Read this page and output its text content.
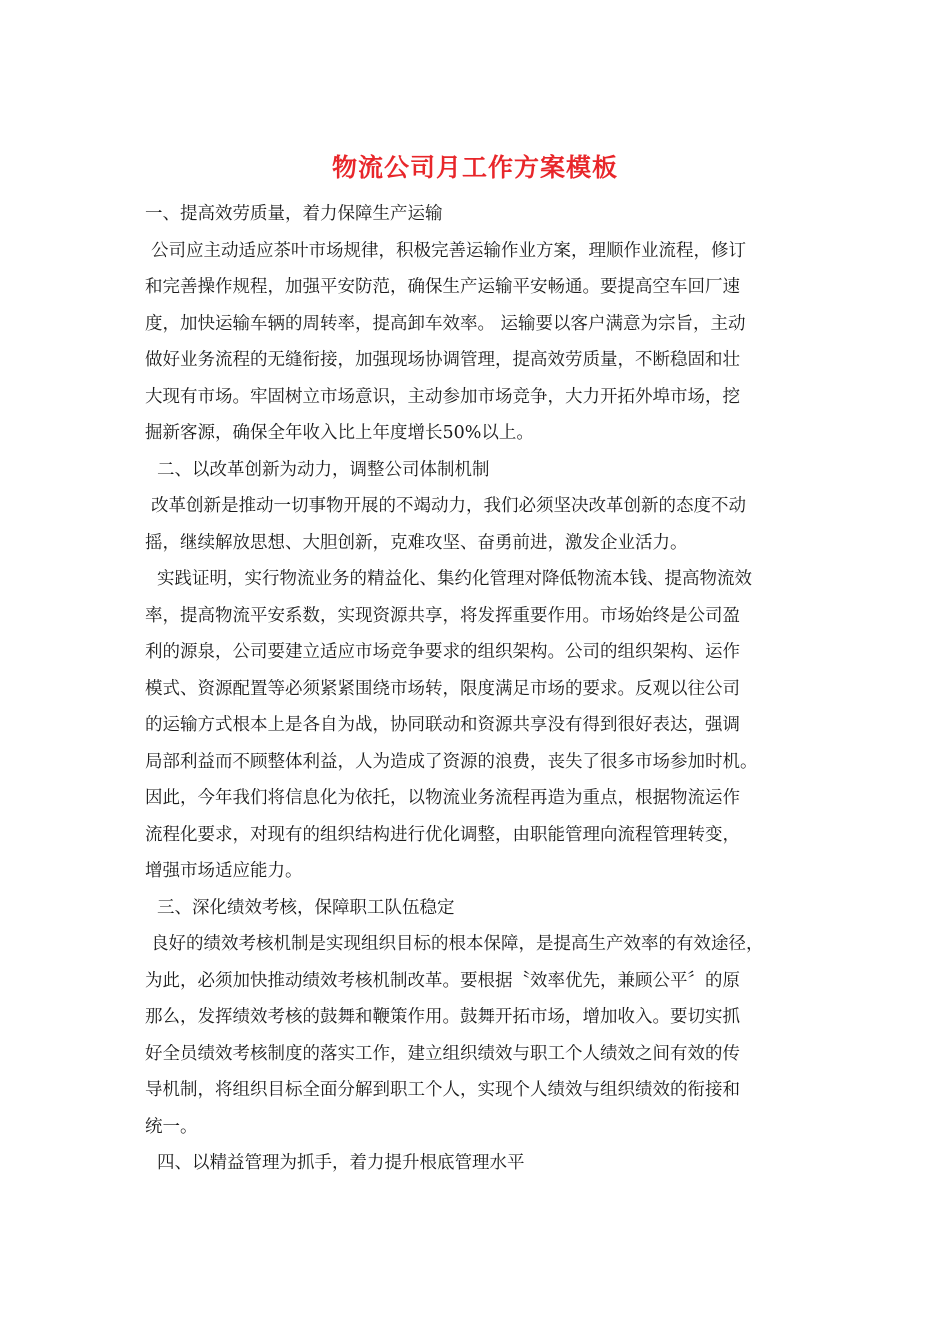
物流公司月工作方案模板
一、提高效劳质量，着力保障生产运输
公司应主动适应茶叶市场规律，积极完善运输作业方案，理顺作业流程，修订
和完善操作规程，加强平安防范，确保生产运输平安畅通。要提高空车回厂速
度，加快运输车辆的周转率，提高卸车效率。 运输要以客户满意为宗旨，主动
做好业务流程的无缝衔接，加强现场协调管理，提高效劳质量，不断稳固和壮
大现有市场。牢固树立市场意识，主动参加市场竞争，大力开拓外埠市场，挖
掘新客源，确保全年收入比上年度增长50%以上。
二、以改革创新为动力，调整公司体制机制
改革创新是推动一切事物开展的不竭动力，我们必须坚决改革创新的态度不动
摇，继续解放思想、大胆创新，克难攻坚、奋勇前进，激发企业活力。
实践证明，实行物流业务的精益化、集约化管理对降低物流本钱、提高物流效
率，提高物流平安系数，实现资源共享，将发挥重要作用。市场始终是公司盈
利的源泉，公司要建立适应市场竞争要求的组织架构。公司的组织架构、运作
模式、资源配置等必须紧紧围绕市场转，限度满足市场的要求。反观以往公司
的运输方式根本上是各自为战，协同联动和资源共享没有得到很好表达，强调
局部利益而不顾整体利益，人为造成了资源的浪费，丧失了很多市场参加时机。
因此，今年我们将信息化为依托，以物流业务流程再造为重点，根据物流运作
流程化要求，对现有的组织结构进行优化调整，由职能管理向流程管理转变，
增强市场适应能力。
三、深化绩效考核，保障职工队伍稳定
良好的绩效考核机制是实现组织目标的根本保障，是提高生产效率的有效途径，
为此，必须加快推动绩效考核机制改革。要根据〝效率优先，兼顾公平〞的原
那么，发挥绩效考核的鼓舞和鞭策作用。鼓舞开拓市场，增加收入。要切实抓
好全员绩效考核制度的落实工作，建立组织绩效与职工个人绩效之间有效的传
导机制，将组织目标全面分解到职工个人，实现个人绩效与组织绩效的衔接和
统一。
四、以精益管理为抓手，着力提升根底管理水平
